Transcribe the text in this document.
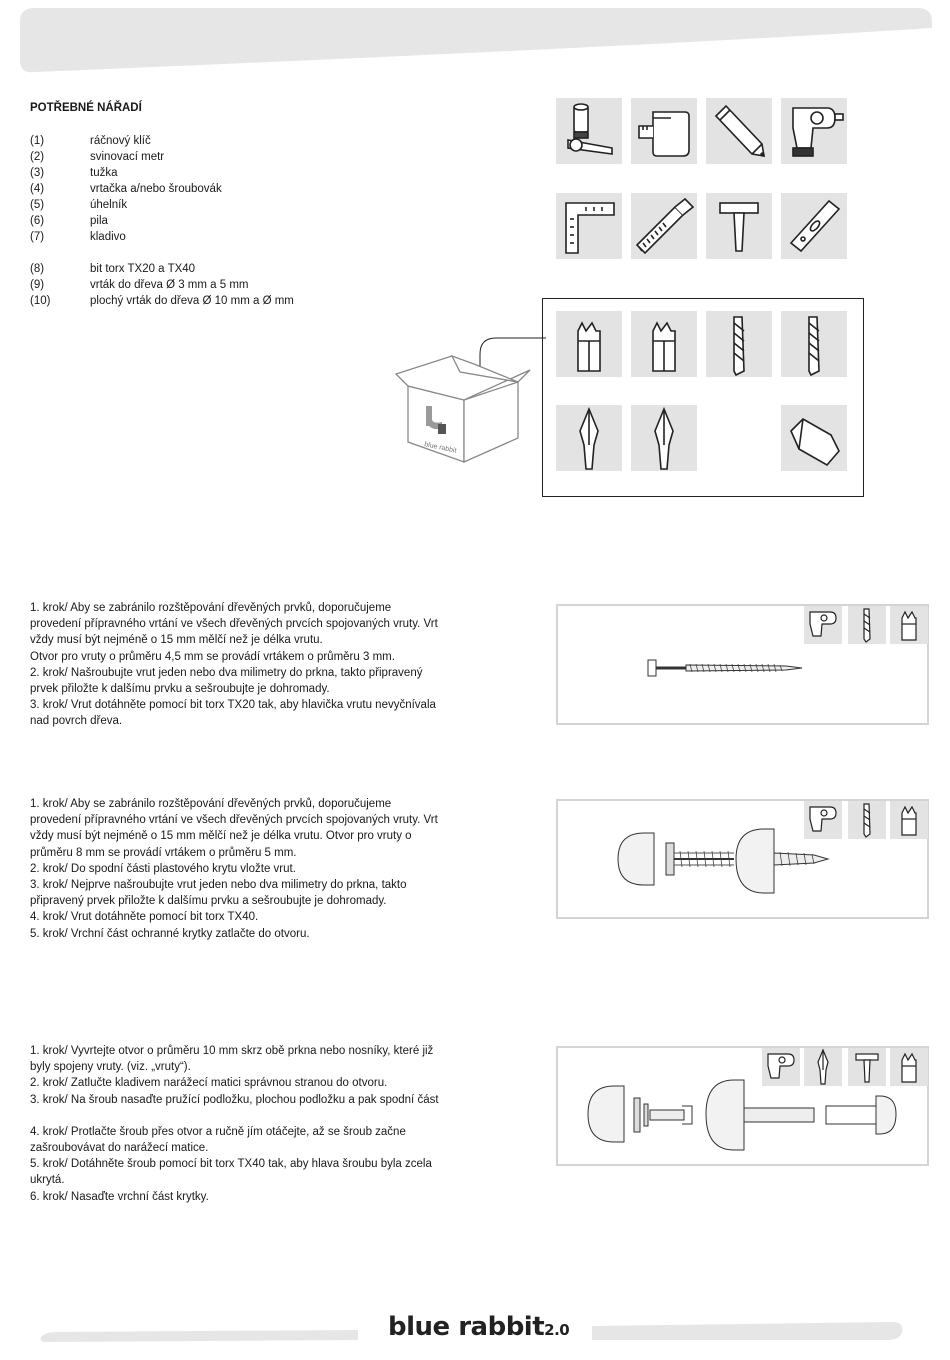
POTŘEBNÉ NÁŘADÍ
(1)	ráčnový klíč
(2)	svinovací metr
(3)	tužka
(4)	vrtačka a/nebo šroubovák
(5)	úhelník
(6)	pila
(7)	kladivo
(8)	bit torx TX20 a TX40
(9)	vrták do dřeva Ø 3 mm a 5 mm
(10)	plochý vrták do dřeva Ø 10 mm a Ø mm
blue rabbit

1. krok/ Aby se zabránilo rozštěpování dřevěných prvků, doporučujeme

provedení přípravného vrtání ve všech dřevěných prvcích spojovaných vruty. Vrt

vždy musí být nejméně o 15 mm mělčí než je délka vrutu.

Otvor pro vruty o průměru 4,5 mm se provádí vrtákem o průměru 3 mm.

2. krok/ Našroubujte vrut jeden nebo dva milimetry do prkna, takto připravený

prvek přiložte k dalšímu prvku a sešroubujte je dohromady.

3. krok/ Vrut dotáhněte pomocí bit torx TX20 tak, aby hlavička vrutu nevyčnívala

nad povrch dřeva.

1. krok/ Aby se zabránilo rozštěpování dřevěných prvků, doporučujeme

provedení přípravného vrtání ve všech dřevěných prvcích spojovaných vruty. Vrt

vždy musí být nejméně o 15 mm mělčí než je délka vrutu. Otvor pro vruty o

průměru 8 mm se provádí vrtákem o průměru 5 mm.

2. krok/ Do spodní části plastového krytu vložte vrut.

3. krok/ Nejprve našroubujte vrut jeden nebo dva milimetry do prkna, takto

připravený prvek přiložte k dalšímu prvku a sešroubujte je dohromady.

4. krok/ Vrut dotáhněte pomocí bit torx TX40.

5. krok/ Vrchní část ochranné krytky zatlačte do otvoru.

1. krok/ Vyvrtejte otvor o průměru 10 mm skrz obě prkna nebo nosníky, které již

byly spojeny vruty. (viz. „vruty“).

2. krok/ Zatlučte kladivem narážecí matici správnou stranou do otvoru.

3. krok/ Na šroub nasaďte pružící podložku, plochou podložku a pak spodní část

4. krok/ Protlačte šroub přes otvor a ručně jím otáčejte, až se šroub začne

zašroubovávat do narážecí matice.

5. krok/ Dotáhněte šroub pomocí bit torx TX40 tak, aby hlava šroubu byla zcela

ukrytá.

6. krok/ Nasaďte vrchní část krytky.

blue rabbit2.0
